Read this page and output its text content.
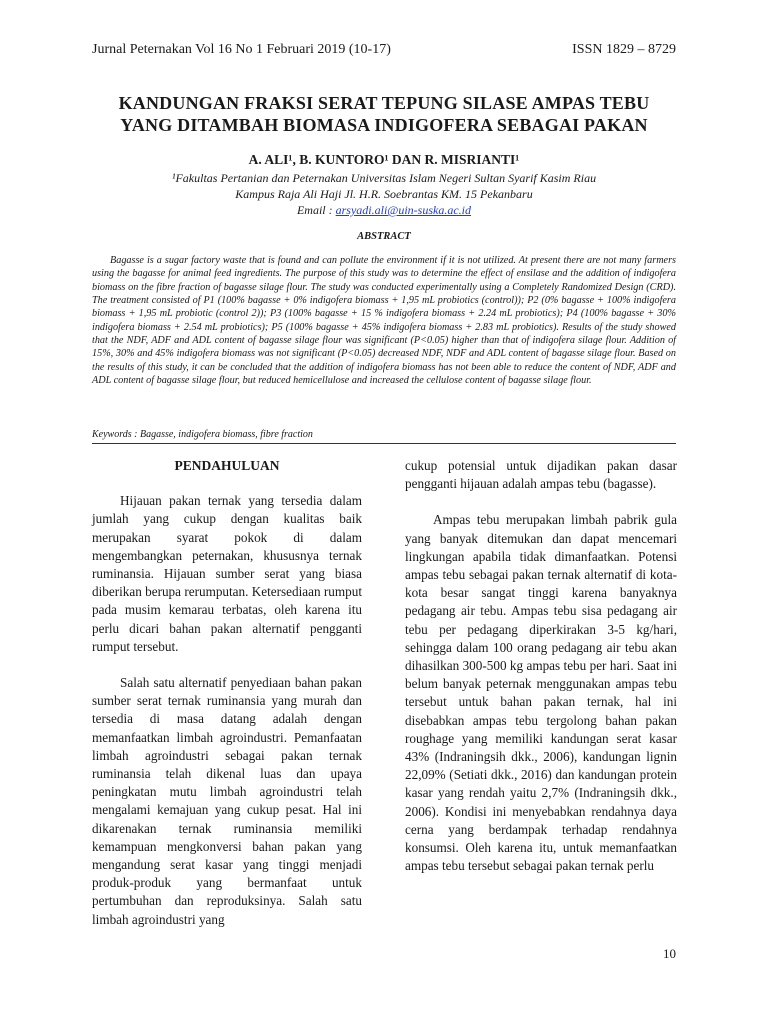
Jurnal Peternakan Vol 16 No 1 Februari 2019 (10-17)	ISSN 1829 – 8729
KANDUNGAN FRAKSI SERAT TEPUNG SILASE AMPAS TEBU
YANG DITAMBAH BIOMASA INDIGOFERA SEBAGAI PAKAN
A. ALI¹, B. KUNTORO¹ DAN R. MISRIANTI¹
¹Fakultas Pertanian dan Peternakan Universitas Islam Negeri Sultan Syarif Kasim Riau
Kampus Raja Ali Haji Jl. H.R. Soebrantas KM. 15 Pekanbaru
Email : arsyadi.ali@uin-suska.ac.id
ABSTRACT

Bagasse is a sugar factory waste that is found and can pollute the environment if it is not utilized. At present there are not many farmers using the bagasse for animal feed ingredients. The purpose of this study was to determine the effect of ensilase and the addition of indigofera biomass on the fibre fraction of bagasse silage flour. The study was conducted experimentally using a Completely Randomized Design (CRD). The treatment consisted of P1 (100% bagasse + 0% indigofera biomass + 1,95 mL probiotics (control)); P2 (0% bagasse + 100% indigofera biomass + 1,95 mL probiotic (control 2)); P3 (100% bagasse + 15 % indigofera biomass + 2.24 mL probiotics); P4 (100% bagasse + 30% indigofera biomass + 2.54 mL probiotics); P5 (100% bagasse + 45% indigofera biomass + 2.83 mL probiotics). Results of the study showed that the NDF, ADF and ADL content of bagasse silage flour was significant (P<0.05) higher than that of indigofera silage flour. Addition of 15%, 30% and 45% indigofera biomass was not significant (P<0.05) decreased NDF, NDF and ADL content of bagasse silage flour. Based on the results of this study, it can be concluded that the addition of indigofera biomass has not been able to reduce the content of NDF, ADF and ADL content of bagasse silage flour, but reduced hemicellulose and increased the cellulose content of bagasse silage flour.

Keywords : Bagasse, indigofera biomass, fibre fraction
PENDAHULUAN

Hijauan pakan ternak yang tersedia dalam jumlah yang cukup dengan kualitas baik merupakan syarat pokok di dalam mengembangkan peternakan, khususnya ternak ruminansia. Hijauan sumber serat yang biasa diberikan berupa rerumputan. Ketersediaan rumput pada musim kemarau terbatas, oleh karena itu perlu dicari bahan pakan alternatif pengganti rumput tersebut.

Salah satu alternatif penyediaan bahan pakan sumber serat ternak ruminansia yang murah dan tersedia di masa datang adalah dengan memanfaatkan limbah agroindustri. Pemanfaatan limbah agroindustri sebagai pakan ternak ruminansia telah dikenal luas dan upaya peningkatan mutu limbah agroindustri telah mengalami kemajuan yang cukup pesat. Hal ini dikarenakan ternak ruminansia memiliki kemampuan mengkonversi bahan pakan yang mengandung serat kasar yang tinggi menjadi produk-produk yang bermanfaat untuk pertumbuhan dan reproduksinya. Salah satu limbah agroindustri yang

cukup potensial untuk dijadikan pakan dasar pengganti hijauan adalah ampas tebu (bagasse).

Ampas tebu merupakan limbah pabrik gula yang banyak ditemukan dan dapat mencemari lingkungan apabila tidak dimanfaatkan. Potensi ampas tebu sebagai pakan ternak alternatif di kota-kota besar sangat tinggi karena banyaknya pedagang air tebu. Ampas tebu sisa pedagang air tebu per pedagang diperkirakan 3-5 kg/hari, sehingga dalam 100 orang pedagang air tebu akan dihasilkan 300-500 kg ampas tebu per hari. Saat ini belum banyak peternak menggunakan ampas tebu tersebut untuk bahan pakan ternak, hal ini disebabkan ampas tebu tergolong bahan pakan roughage yang memiliki kandungan serat kasar 43% (Indraningsih dkk., 2006), kandungan lignin 22,09% (Setiati dkk., 2016) dan kandungan protein kasar yang rendah yaitu 2,7% (Indraningsih dkk., 2006). Kondisi ini menyebabkan rendahnya daya cerna yang berdampak terhadap rendahnya konsumsi. Oleh karena itu, untuk memanfaatkan ampas tebu tersebut sebagai pakan ternak perlu

10
